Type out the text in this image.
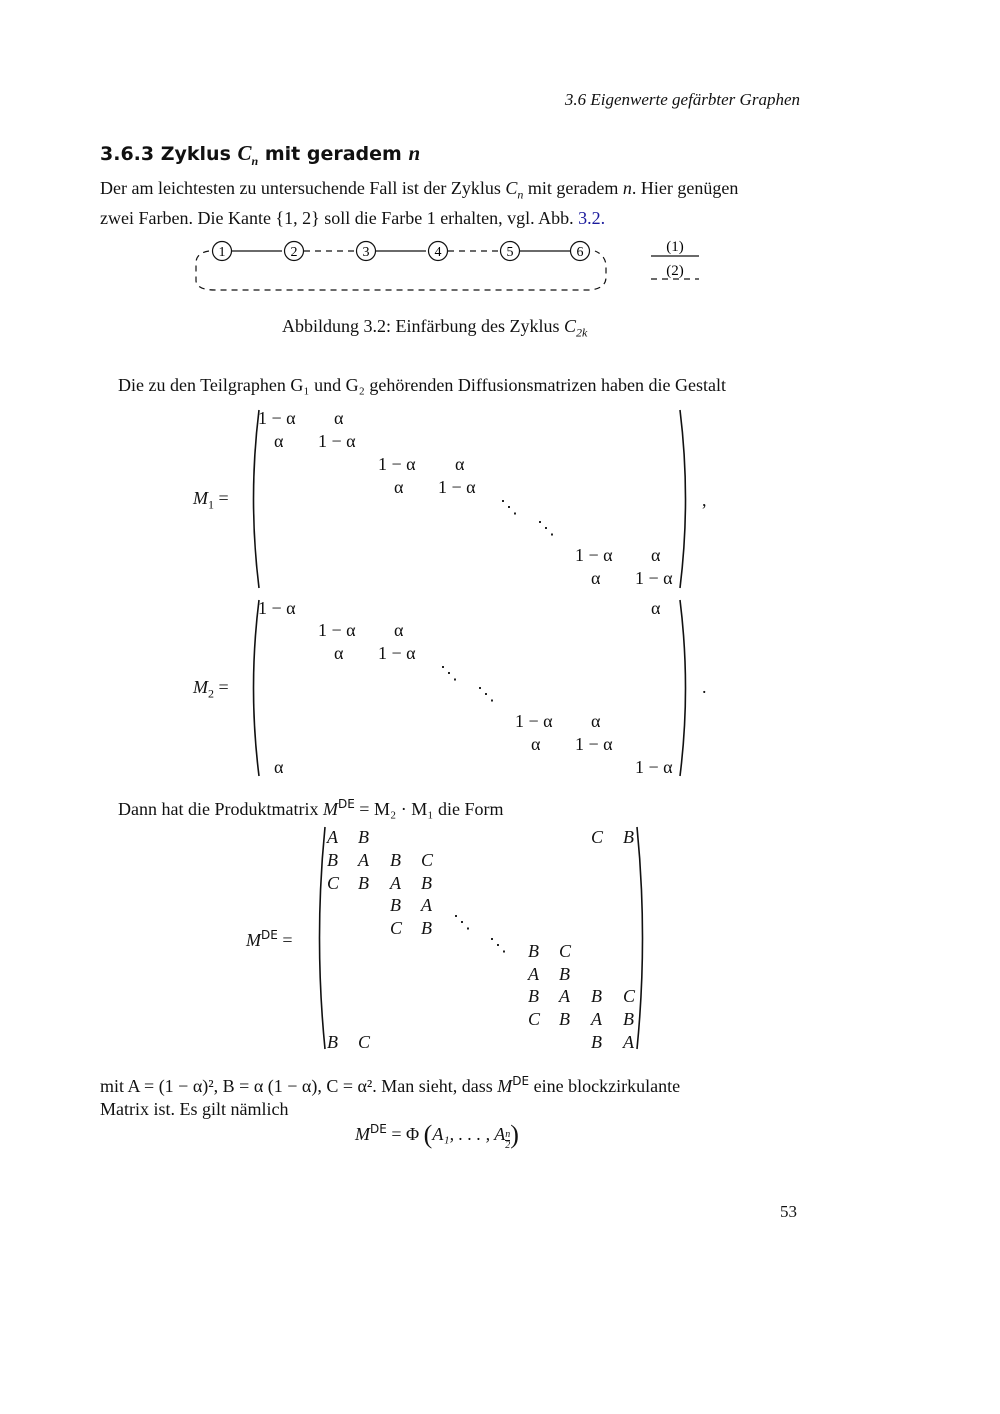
3.6 Eigenwerte gefärbter Graphen
3.6.3 Zyklus $C_n$ mit geradem n
Der am leichtesten zu untersuchende Fall ist der Zyklus $C_n$ mit geradem n. Hier genügen
zwei Farben. Die Kante {1, 2} soll die Farbe 1 erhalten, vgl. Abb. 3.2.
1	2	3	4	5	6	(1)
(2)
Abbildung 3.2: Einfärbung des Zyklus $C_{2k}$
Die zu den Teilgraphen G₁ und G₂ gehörenden Diffusionsmatrizen haben die Gestalt
$M_1$ =	,
1 − α α
α 1 − α
1 − α α
α 1 − α
⋱
⋱
1 − α α
α 1 − α
$M_2$ =	.
1 − α	α
1 − α α
α 1 − α
⋱
⋱
1 − α α
α 1 − α
α	1 − α
Dann hat die Produktmatrix MDE = M₂ · M₁ die Form
MDE =
A B	C B
B A B C
C B A B
B A
C B ⋱
⋱ B C
A B
B A B C
C B A B
B C	B A
mit A = (1 − α)², B = α (1 − α), C = α². Man sieht, dass MDE eine blockzirkulante
Matrix ist. Es gilt nämlich
MDE = Φ (A₁, . . . , A $\frac{n}{2}$ )
53
